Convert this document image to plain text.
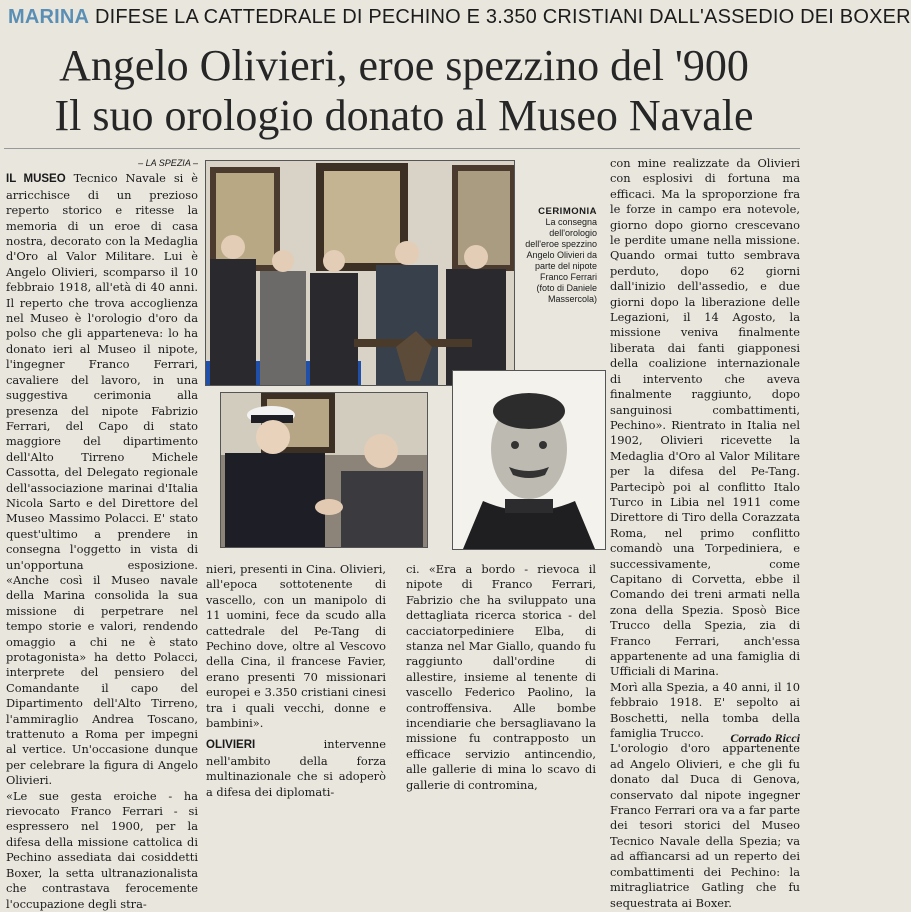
MARINA DIFESE LA CATTEDRALE DI PECHINO E 3.350 CRISTIANI DALL'ASSEDIO DEI BOXER
Angelo Olivieri, eroe spezzino del '900
Il suo orologio donato al Museo Navale

– LA SPEZIA –

IL MUSEO Tecnico Navale si è arricchisce di un prezioso reperto storico e ritesse la memoria di un eroe di casa nostra, decorato con la Medaglia d'Oro al Valor Militare. Lui è Angelo Olivieri, scomparso il 10 febbraio 1918, all'età di 40 anni. Il reperto che trova accoglienza nel Museo è l'orologio d'oro da polso che gli apparteneva: lo ha donato ieri al Museo il nipote, l'ingegner Franco Ferrari, cavaliere del lavoro, in una suggestiva cerimonia alla presenza del nipote Fabrizio Ferrari, del Capo di stato maggiore del dipartimento dell'Alto Tirreno Michele Cassotta, del Delegato regionale dell'associazione marinai d'Italia Nicola Sarto e del Direttore del Museo Massimo Polacci. E' stato quest'ultimo a prendere in consegna l'oggetto in vista di un'opportuna esposizione. «Anche così il Museo navale della Marina consolida la sua missione di perpetrare nel tempo storie e valori, rendendo omaggio a chi ne è stato protagonista» ha detto Polacci, interprete del pensiero del Comandante il capo del Dipartimento dell'Alto Tirreno, l'ammiraglio Andrea Toscano, trattenuto a Roma per impegni al vertice. Un'occasione dunque per celebrare la figura di Angelo Olivieri.

«Le sue gesta eroiche - ha rievocato Franco Ferrari - si espressero nel 1900, per la difesa della missione cattolica di Pechino assediata dai cosiddetti Boxer, la setta ultranazionalista che contrastava ferocemente l'occupazione degli stra-

CERIMONIA
La consegna dell'orologio dell'eroe spezzino Angelo Olivieri da parte del nipote Franco Ferrari
(foto di Daniele Massercola)

nieri, presenti in Cina. Olivieri, all'epoca sottotenente di vascello, con un manipolo di 11 uomini, fece da scudo alla cattedrale del Pe-Tang di Pechino dove, oltre al Vescovo della Cina, il francese Favier, erano presenti 70 missionari europei e 3.350 cristiani cinesi tra i quali vecchi, donne e bambini».

OLIVIERI intervenne nell'ambito della forza multinazionale che si adoperò a difesa dei diplomati-

ci. «Era a bordo - rievoca il nipote di Franco Ferrari, Fabrizio che ha sviluppato una dettagliata ricerca storica - del cacciatorpediniere Elba, di stanza nel Mar Giallo, quando fu raggiunto dall'ordine di allestire, insieme al tenente di vascello Federico Paolino, la controffensiva. Alle bombe incendiarie che bersagliavano la missione fu contrapposto un efficace servizio antincendio, alle gallerie di mina lo scavo di gallerie di contromina,

con mine realizzate da Olivieri con esplosivi di fortuna ma efficaci. Ma la sproporzione fra le forze in campo era notevole, giorno dopo giorno crescevano le perdite umane nella missione. Quando ormai tutto sembrava perduto, dopo 62 giorni dall'inizio dell'assedio, e due giorni dopo la liberazione delle Legazioni, il 14 Agosto, la missione veniva finalmente liberata dai fanti giapponesi della coalizione internazionale di intervento che aveva finalmente raggiunto, dopo sanguinosi combattimenti, Pechino». Rientrato in Italia nel 1902, Olivieri ricevette la Medaglia d'Oro al Valor Militare per la difesa del Pe-Tang. Partecipò poi al conflitto Italo Turco in Libia nel 1911 come Direttore di Tiro della Corazzata Roma, nel primo conflitto comandò una Torpediniera, e successivamente, come Capitano di Corvetta, ebbe il Comando dei treni armati nella zona della Spezia. Sposò Bice Trucco della Spezia, zia di Franco Ferrari, anch'essa appartenente ad una famiglia di Ufficiali di Marina.

Morì alla Spezia, a 40 anni, il 10 febbraio 1918. E' sepolto ai Boschetti, nella tomba della famiglia Trucco.

L'orologio d'oro appartenente ad Angelo Olivieri, e che gli fu donato dal Duca di Genova, conservato dal nipote ingegner Franco Ferrari ora va a far parte dei tesori storici del Museo Tecnico Navale della Spezia; va ad affiancarsi ad un reperto dei combattimenti dei Pechino: la mitragliatrice Gatling che fu sequestrata ai Boxer.

Corrado Ricci
